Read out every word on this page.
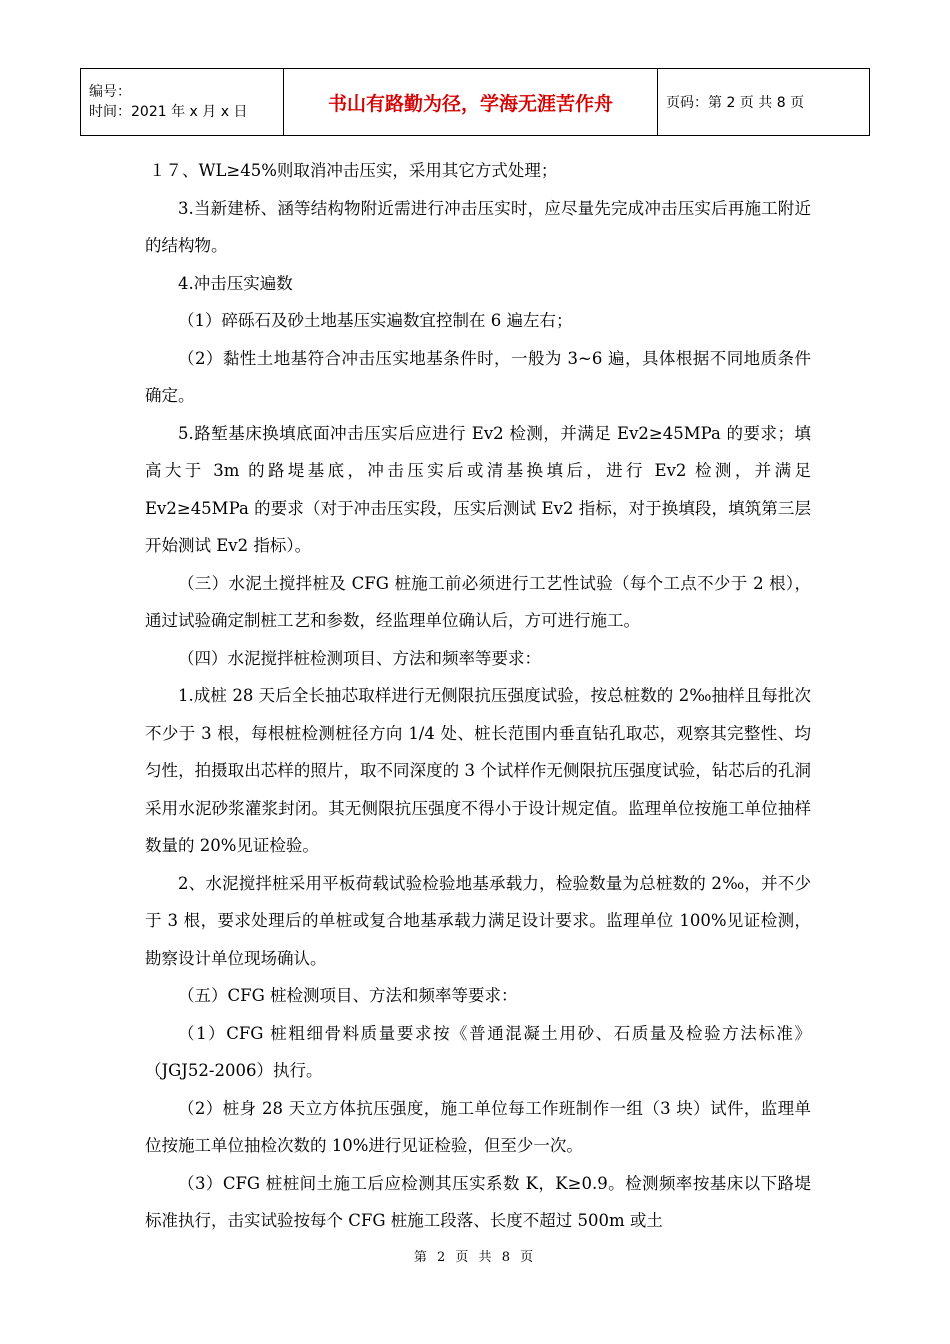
编号：
时间：2021 年 x 月 x 日	书山有路勤为径，学海无涯苦作舟	页码：第 2 页 共 8 页

１７、WL≥45%则取消冲击压实，采用其它方式处理；

3.当新建桥、涵等结构物附近需进行冲击压实时，应尽量先完成冲击压实后再施工附近的结构物。

4.冲击压实遍数

（1）碎砾石及砂土地基压实遍数宜控制在 6 遍左右；

（2）黏性土地基符合冲击压实地基条件时，一般为 3~6 遍，具体根据不同地质条件确定。

5.路堑基床换填底面冲击压实后应进行 Ev2 检测，并满足 Ev2≥45MPa 的要求；填高大于 3m 的路堤基底，冲击压实后或清基换填后，进行 Ev2 检测，并满足 Ev2≥45MPa 的要求（对于冲击压实段，压实后测试 Ev2 指标，对于换填段，填筑第三层开始测试 Ev2 指标）。

（三）水泥土搅拌桩及 CFG 桩施工前必须进行工艺性试验（每个工点不少于 2 根），通过试验确定制桩工艺和参数，经监理单位确认后，方可进行施工。

（四）水泥搅拌桩检测项目、方法和频率等要求：

1.成桩 28 天后全长抽芯取样进行无侧限抗压强度试验，按总桩数的 2‰抽样且每批次不少于 3 根，每根桩检测桩径方向 1/4 处、桩长范围内垂直钻孔取芯，观察其完整性、均匀性，拍摄取出芯样的照片，取不同深度的 3 个试样作无侧限抗压强度试验，钻芯后的孔洞采用水泥砂浆灌浆封闭。其无侧限抗压强度不得小于设计规定值。监理单位按施工单位抽样数量的 20%见证检验。

2、水泥搅拌桩采用平板荷载试验检验地基承载力，检验数量为总桩数的 2‰，并不少于 3 根，要求处理后的单桩或复合地基承载力满足设计要求。监理单位 100%见证检测，勘察设计单位现场确认。

（五）CFG 桩检测项目、方法和频率等要求：

（1）CFG 桩粗细骨料质量要求按《普通混凝土用砂、石质量及检验方法标准》（JGJ52-2006）执行。

（2）桩身 28 天立方体抗压强度，施工单位每工作班制作一组（3 块）试件，监理单位按施工单位抽检次数的 10%进行见证检验，但至少一次。

（3）CFG 桩桩间土施工后应检测其压实系数 K，K≥0.9。检测频率按基床以下路堤标准执行，击实试验按每个 CFG 桩施工段落、长度不超过 500m 或土

第 2 页 共 8 页
